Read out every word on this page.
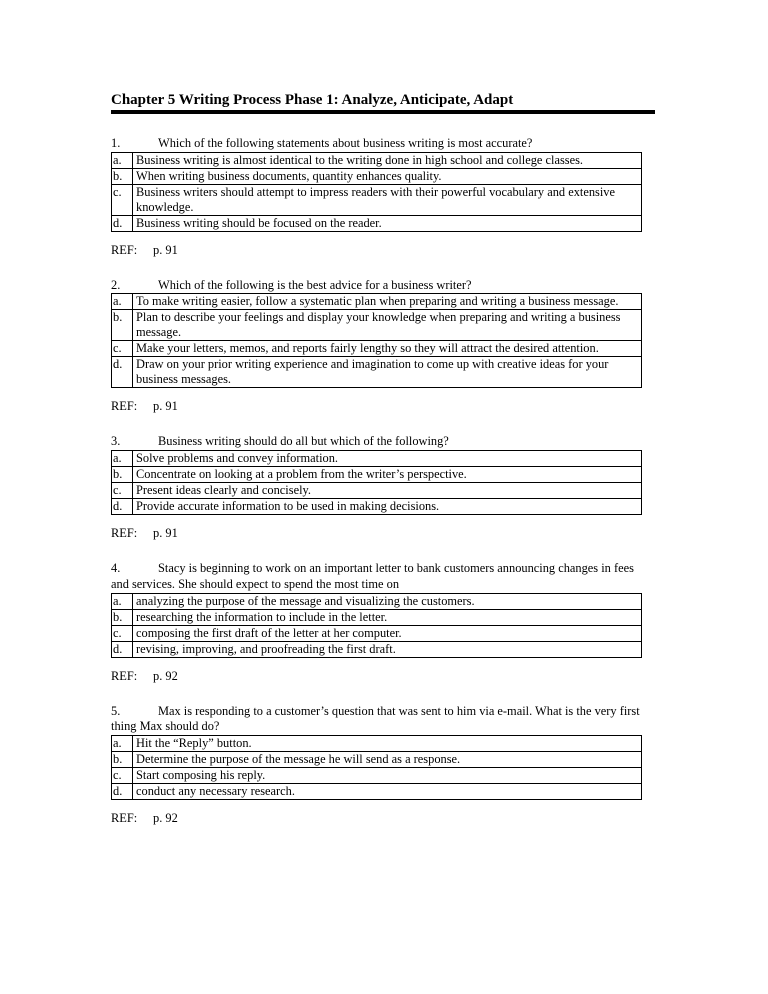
Chapter 5 Writing Process Phase 1: Analyze, Anticipate, Adapt
1.	Which of the following statements about business writing is most accurate?
a.	Business writing is almost identical to the writing done in high school and college classes.
b.	When writing business documents, quantity enhances quality.
c.	Business writers should attempt to impress readers with their powerful vocabulary and extensive knowledge.
d.	Business writing should be focused on the reader.
REF: p. 91
2.	Which of the following is the best advice for a business writer?
a.	To make writing easier, follow a systematic plan when preparing and writing a business message.
b.	Plan to describe your feelings and display your knowledge when preparing and writing a business message.
c.	Make your letters, memos, and reports fairly lengthy so they will attract the desired attention.
d.	Draw on your prior writing experience and imagination to come up with creative ideas for your business messages.
REF: p. 91
3.	Business writing should do all but which of the following?
a.	Solve problems and convey information.
b.	Concentrate on looking at a problem from the writer’s perspective.
c.	Present ideas clearly and concisely.
d.	Provide accurate information to be used in making decisions.
REF: p. 91
4.	Stacy is beginning to work on an important letter to bank customers announcing changes in fees and services. She should expect to spend the most time on
a.	analyzing the purpose of the message and visualizing the customers.
b.	researching the information to include in the letter.
c.	composing the first draft of the letter at her computer.
d.	revising, improving, and proofreading the first draft.
REF: p. 92
5.	Max is responding to a customer’s question that was sent to him via e-mail. What is the very first thing Max should do?
a.	Hit the “Reply” button.
b.	Determine the purpose of the message he will send as a response.
c.	Start composing his reply.
d.	conduct any necessary research.
REF: p. 92
